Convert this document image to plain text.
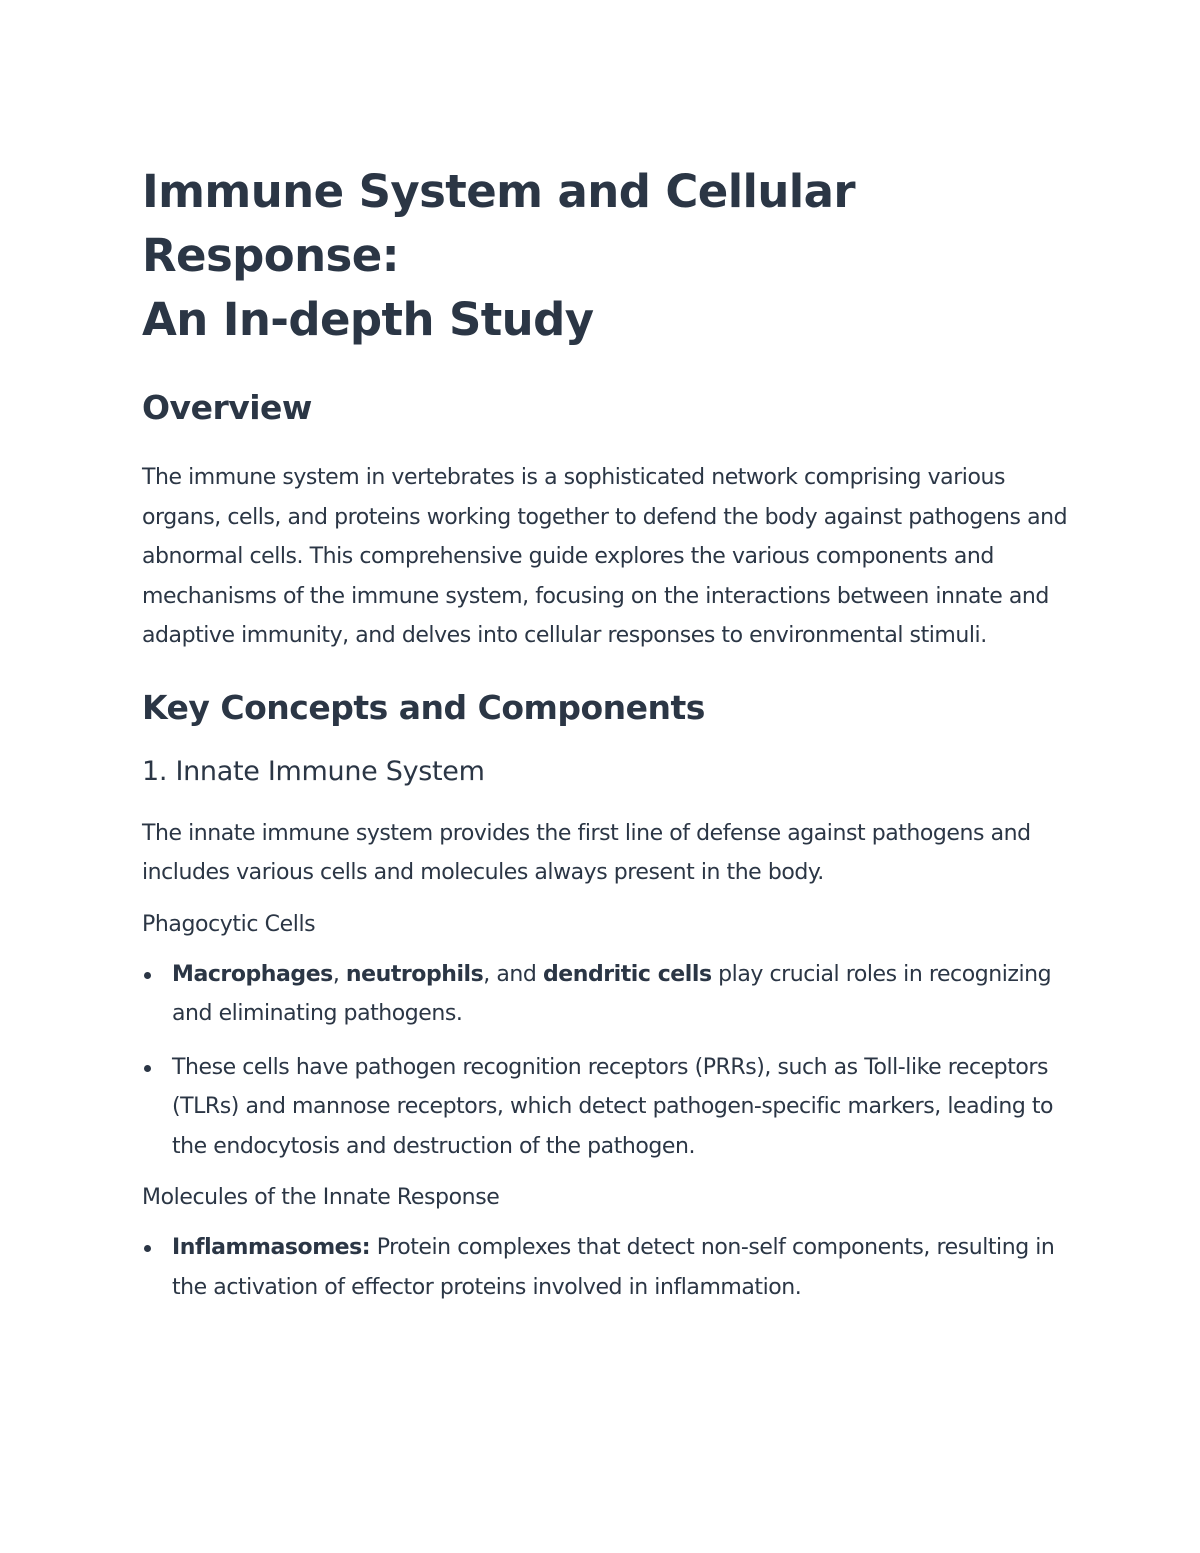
Immune System and Cellular Response:
An In-depth Study
Overview

The immune system in vertebrates is a sophisticated network comprising various organs, cells, and proteins working together to defend the body against pathogens and abnormal cells. This comprehensive guide explores the various components and mechanisms of the immune system, focusing on the interactions between innate and adaptive immunity, and delves into cellular responses to environmental stimuli.

Key Concepts and Components
1. Innate Immune System

The innate immune system provides the first line of defense against pathogens and includes various cells and molecules always present in the body.

Phagocytic Cells
Macrophages, neutrophils, and dendritic cells play crucial roles in recognizing and eliminating pathogens.
These cells have pathogen recognition receptors (PRRs), such as Toll-like receptors (TLRs) and mannose receptors, which detect pathogen-specific markers, leading to the endocytosis and destruction of the pathogen.
Molecules of the Innate Response
Inflammasomes: Protein complexes that detect non-self components, resulting in the activation of effector proteins involved in inflammation.
